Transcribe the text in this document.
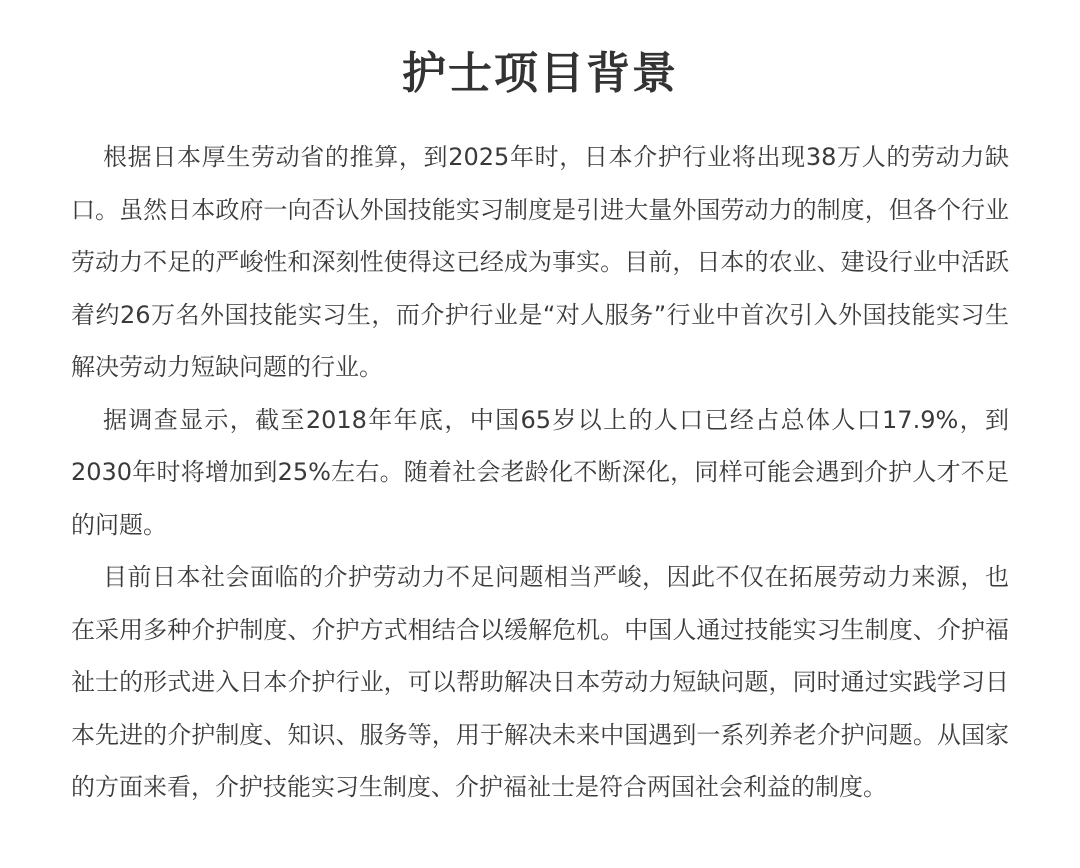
护士项目背景

根据日本厚生劳动省的推算，到2025年时，日本介护行业将出现38万人的劳动力缺口。虽然日本政府一向否认外国技能实习制度是引进大量外国劳动力的制度，但各个行业劳动力不足的严峻性和深刻性使得这已经成为事实。目前，日本的农业、建设行业中活跃着约26万名外国技能实习生，而介护行业是“对人服务”行业中首次引入外国技能实习生解决劳动力短缺问题的行业。

据调查显示，截至2018年年底，中国65岁以上的人口已经占总体人口17.9%，到2030年时将增加到25%左右。随着社会老龄化不断深化，同样可能会遇到介护人才不足的问题。

目前日本社会面临的介护劳动力不足问题相当严峻，因此不仅在拓展劳动力来源，也在采用多种介护制度、介护方式相结合以缓解危机。中国人通过技能实习生制度、介护福祉士的形式进入日本介护行业，可以帮助解决日本劳动力短缺问题，同时通过实践学习日本先进的介护制度、知识、服务等，用于解决未来中国遇到一系列养老介护问题。从国家的方面来看，介护技能实习生制度、介护福祉士是符合两国社会利益的制度。
